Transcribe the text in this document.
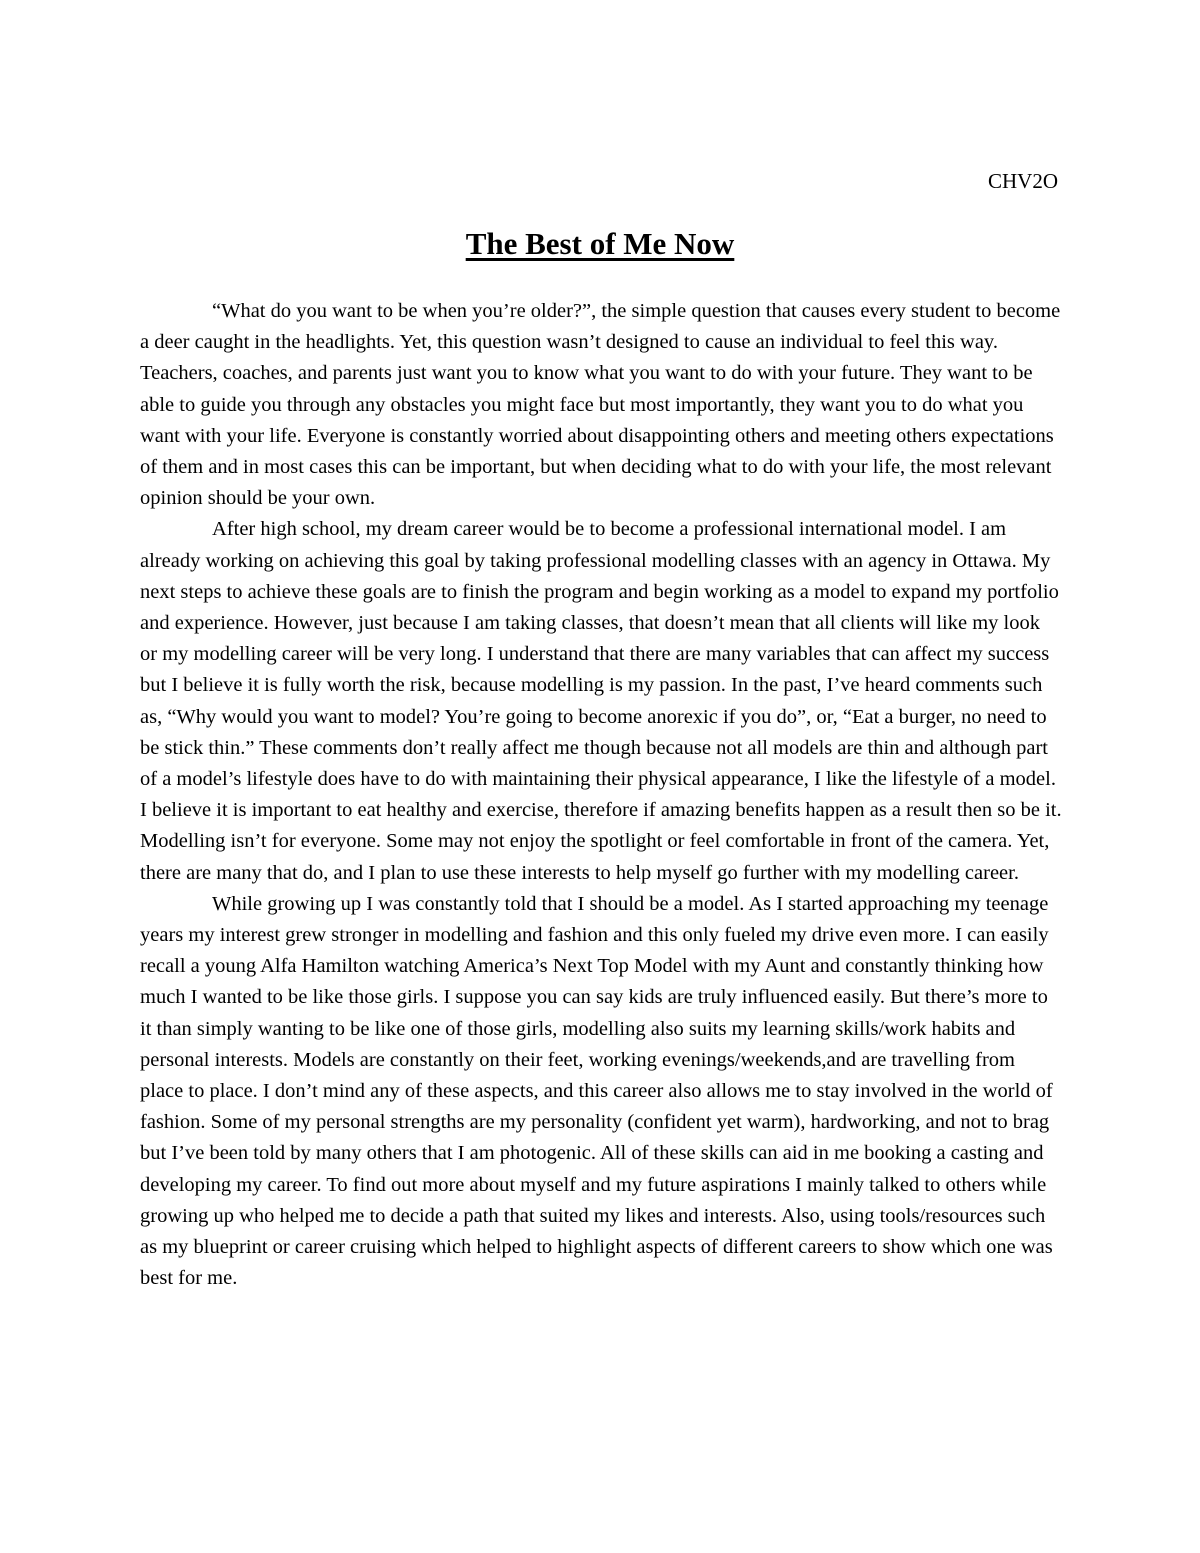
CHV2O

The Best of Me Now

“What do you want to be when you’re older?”, the simple question that causes every student to become a deer caught in the headlights. Yet, this question wasn’t designed to cause an individual to feel this way. Teachers, coaches, and parents just want you to know what you want to do with your future. They want to be able to guide you through any obstacles you might face but most importantly, they want you to do what you want with your life. Everyone is constantly worried about disappointing others and meeting others expectations of them and in most cases this can be important, but when deciding what to do with your life, the most relevant opinion should be your own.

After high school, my dream career would be to become a professional international model. I am already working on achieving this goal by taking professional modelling classes with an agency in Ottawa. My next steps to achieve these goals are to finish the program and begin working as a model to expand my portfolio and experience. However, just because I am taking classes, that doesn’t mean that all clients will like my look or my modelling career will be very long. I understand that there are many variables that can affect my success but I believe it is fully worth the risk, because modelling is my passion. In the past, I’ve heard comments such as, “Why would you want to model? You’re going to become anorexic if you do”, or, “Eat a burger, no need to be stick thin.” These comments don’t really affect me though because not all models are thin and although part of a model’s lifestyle does have to do with maintaining their physical appearance, I like the lifestyle of a model. I believe it is important to eat healthy and exercise, therefore if amazing benefits happen as a result then so be it. Modelling isn’t for everyone. Some may not enjoy the spotlight or feel comfortable in front of the camera. Yet, there are many that do, and I plan to use these interests to help myself go further with my modelling career.

While growing up I was constantly told that I should be a model. As I started approaching my teenage years my interest grew stronger in modelling and fashion and this only fueled my drive even more. I can easily recall a young Alfa Hamilton watching America’s Next Top Model with my Aunt and constantly thinking how much I wanted to be like those girls. I suppose you can say kids are truly influenced easily. But there’s more to it than simply wanting to be like one of those girls, modelling also suits my learning skills/work habits and personal interests. Models are constantly on their feet, working evenings/weekends,and are travelling from place to place. I don’t mind any of these aspects, and this career also allows me to stay involved in the world of fashion. Some of my personal strengths are my personality (confident yet warm), hardworking, and not to brag but I’ve been told by many others that I am photogenic. All of these skills can aid in me booking a casting and developing my career. To find out more about myself and my future aspirations I mainly talked to others while growing up who helped me to decide a path that suited my likes and interests. Also, using tools/resources such as my blueprint or career cruising which helped to highlight aspects of different careers to show which one was best for me.
